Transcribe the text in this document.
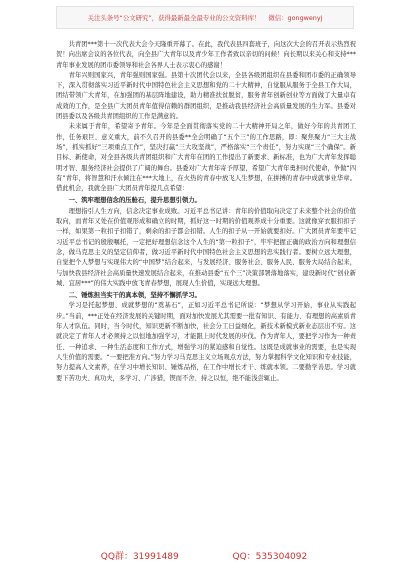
关注头条号“公文研究”，获得最新最全最专业的公文资料库！ 微信：gongwenyj

共青团***第十一次代表大会今天隆重开幕了。在此，我代表县四套班子，向这次大会的召开表示热烈祝贺！向出席会议的各位代表，向全县广大青年以及青少年工作者致以亲切的问候！向长期以来关心和支持***青年事业发展的团市委领导和社会各界人士表示衷心的感谢！

青年兴则国家兴，青年强则国家强。县第十次团代会以来，全县各级团组织在县委和团市委的正确领导下，深入贯彻落实习近平新时代中国特色社会主义思想和党的二十大精神，自觉服从服务于全县工作大局，团结带领广大青年，在加强团的基层阵地建设，助力精准扶贫脱贫，服务青年创新创业等方面做了大量卓有成效的工作，是全县广大团员青年值得信赖的群团组织，是推动我县经济社会高质量发展的生力军。县委对团县委以及各级共青团组织的工作是满意的。

未来属于青年，希望寄予青年。今年是全面贯彻落实党的二十大精神开局之年，做好今年的共青团工作，任务艰巨、意义重大，前不久召开的县委**全会明确了“五个三”的工作思路，即：聚焦聚力“三大主战场”，抓实抓好“三项重点工作”，坚决打赢“三大攻坚战”，严格落实“三个责任”，努力实现“三个确保”。新目标、新使命，对全县各级共青团组织和广大青年在团的工作提出了新要求、新标准，也为广大青年发挥聪明才智、服务经济社会提供了广阔的舞台。县委对广大青年寄予厚望，希望广大青年勇担时代使命，争做“四有”青年，将智慧和汗水倾注在***大地上，在火热的青春中放飞人生梦想，在拼搏的青春中成就事业华章。借此机会，我就全县广大团员青年提几点希望：

一、筑牢理想信念的压舱石，提升思想引领力。

理想指引人生方向，信念决定事业成败。习近平总书记讲：青年的价值取向决定了未来整个社会的价值取向，而青年又处在价值观形成和确立的时期，抓好这一时期的价值观养成十分重要。这就像穿衣服扣扣子一样，如果第一粒扣子扣错了，剩余的扣子都会扣错。人生的扣子从一开始就要扣好。广大团员青年要牢记习近平总书记的殷殷嘱托，一定把好理想信念这个人生的“第一粒扣子”，牢牢把握正确的政治方向和理想信念，做马克思主义的坚定信仰者，做习近平新时代中国特色社会主义思想的忠实践行者。要树立远大理想，自觉把个人梦想与实现伟大的“中国梦”结合起来，与发展经济、服务社会、服务人民、服务大局结合起来，与加快我县经济社会高质量快速发展结合起来，在推动县委“五个三”决策部署落地落实，建设新时代“创业新城、宜居***”的伟大实践中放飞青春梦想，展现人生价值，实现远大理想。

二、锤炼担当实干的真本领，坚持不懈抓学习。

学习是托起梦想、成就梦想的“奠基石”，正如习近平总书记所说：“梦想从学习开始，事业从实践起步。”当前，***正处在经济发展的关键时期，面对加快发展尤其需要一批有知识、有能力、有理想的高素质青年人才队伍。同时，当今时代，知识更新不断加快，社会分工日益细化，新技术新模式新业态层出不穷。这就决定了青年人才必须持之以恒地加强学习，才能跟上时代发展的步伐。作为青年人，要把学习作为一种责任、一种追求、一种生活态度和工作方式，增强学习的紧迫感和自觉性。这既是成就事业的需要，也是实现人生价值的需要。“一要把准方向。”努力学习马克思主义立场观点方法，努力掌握科学文化知识和专业技能，努力提高人文素养，在学习中增长知识、锤炼品格，在工作中增长才干、练就本领。二要勤学善思。学习就要下苦功夫、真功夫，多学习、广涉猎，锲而不舍、持之以恒，绝不能浅尝辄止。

QQ群：31991489	QQ：535304092
